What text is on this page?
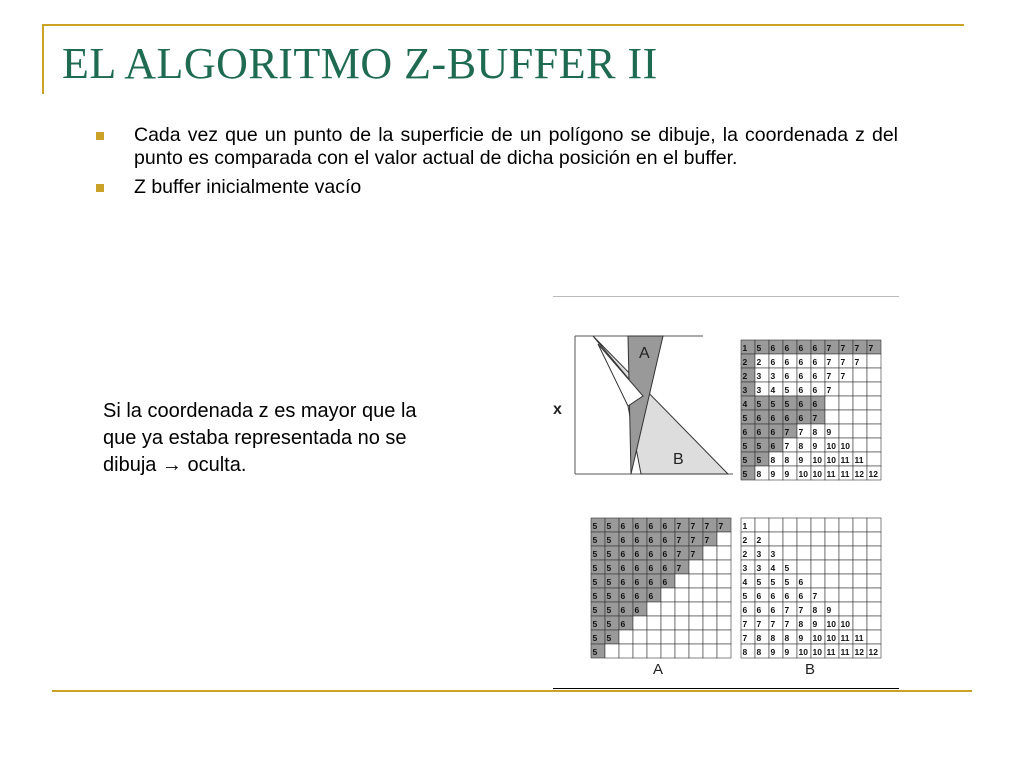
EL ALGORITMO Z-BUFFER II
Cada vez que un punto de la superficie de un polígono se dibuje, la coordenada z del punto es comparada con el valor actual de dicha posición en el buffer.
Z buffer inicialmente vacío
Si la coordenada z es mayor que la que ya estaba representada no se dibuja → oculta.
A
B
x
1 5 6 6 6 6 7 7 7 7
2 2 6 6 6 6 7 7 7
2 3 3 6 6 6 7 7
3 3 4 5 6 6 7
4 5 5 5 6 6
5 6 6 6 6 7
6 6 6 7 7 8 9
5 5 6 7 8 9 10 10
5 5 8 8 9 10 10 11 11
5 8 9 9 10 10 11 11 12 12
5 5 6 6 6 6 7 7 7 7
5 5 6 6 6 6 7 7 7
5 5 6 6 6 6 7 7
5 5 6 6 6 6 7
5 5 6 6 6 6
5 5 6 6 6
5 5 6 6
5 5 6
5 5
5
1
2 2
2 3 3
3 3 4 5
4 5 5 5 6
5 6 6 6 6 7
6 6 6 7 7 8 9
7 7 7 7 8 9 10 10
7 8 8 8 9 10 10 11 11
8 8 9 9 10 10 11 11 12 12
A	B
